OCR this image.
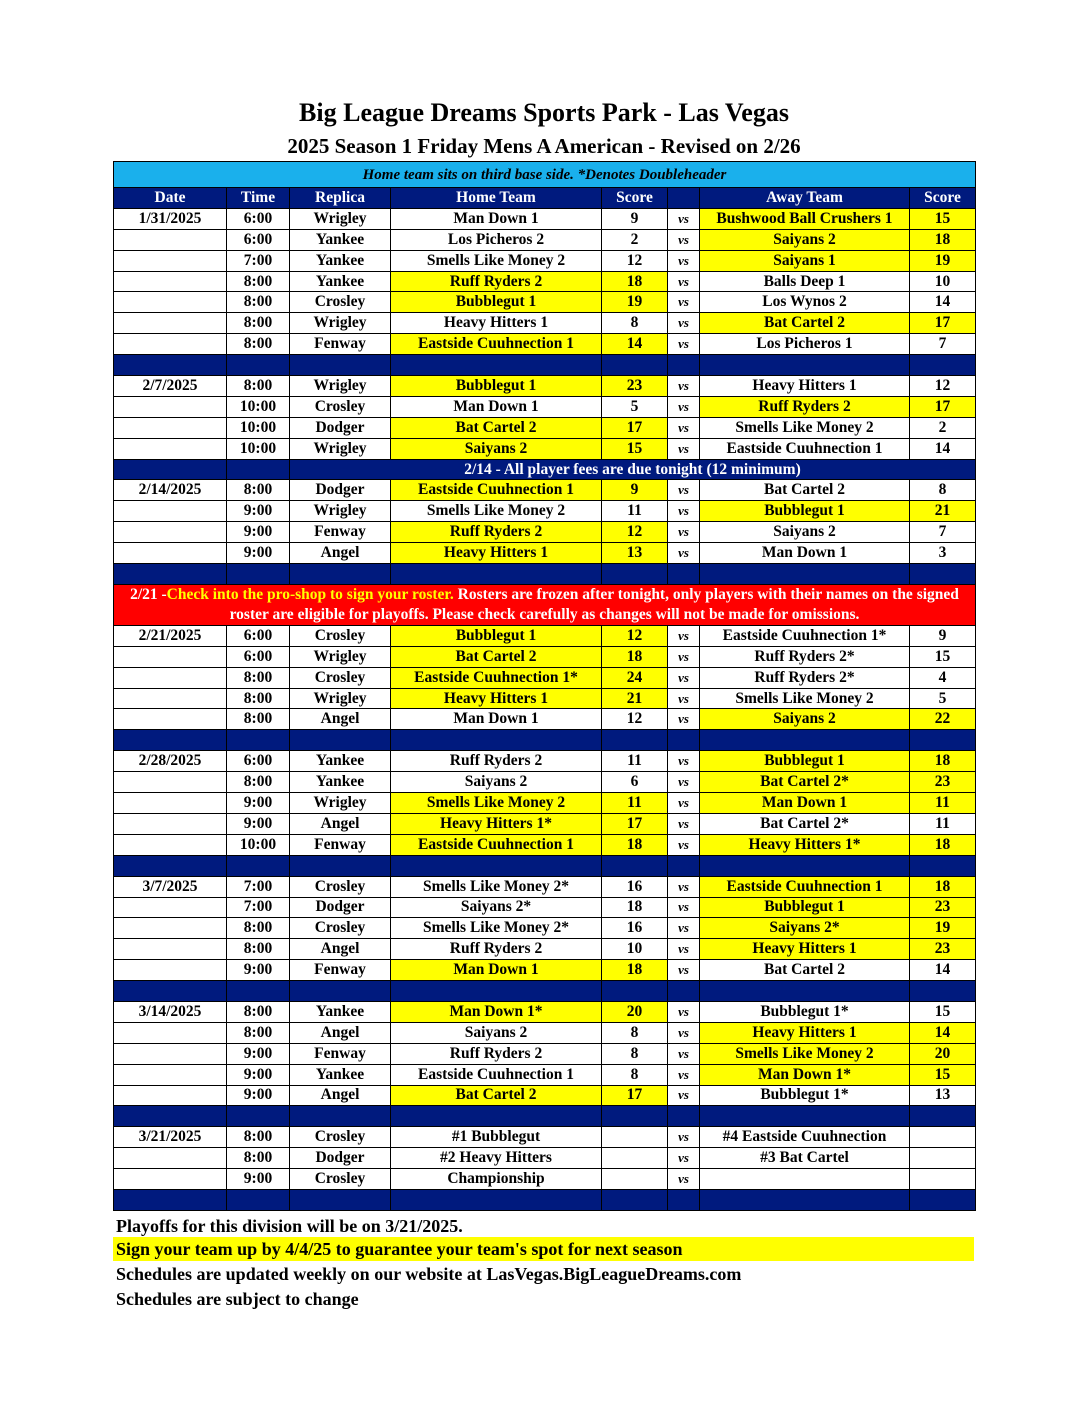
Big League Dreams Sports Park - Las Vegas
2025 Season 1 Friday Mens A American - Revised on 2/26
Home team sits on third base side. *Denotes Doubleheader							
Date	Time	Replica	Home Team	Score		Away Team	Score
1/31/2025	6:00	Wrigley	Man Down 1	9	vs	Bushwood Ball Crushers 1	15
	6:00	Yankee	Los Picheros 2	2	vs	Saiyans 2	18
	7:00	Yankee	Smells Like Money 2	12	vs	Saiyans 1	19
	8:00	Yankee	Ruff Ryders 2	18	vs	Balls Deep 1	10
	8:00	Crosley	Bubblegut 1	19	vs	Los Wynos 2	14
	8:00	Wrigley	Heavy Hitters 1	8	vs	Bat Cartel 2	17
	8:00	Fenway	Eastside Cuuhnection 1	14	vs	Los Picheros 1	7

2/7/2025	8:00	Wrigley	Bubblegut 1	23	vs	Heavy Hitters 1	12
	10:00	Crosley	Man Down 1	5	vs	Ruff Ryders 2	17
	10:00	Dodger	Bat Cartel 2	17	vs	Smells Like Money 2	2
	10:00	Wrigley	Saiyans 2	15	vs	Eastside Cuuhnection 1	14
		2/14 - All player fees are due tonight (12 minimum)					
2/14/2025	8:00	Dodger	Eastside Cuuhnection 1	9	vs	Bat Cartel 2	8
	9:00	Wrigley	Smells Like Money 2	11	vs	Bubblegut 1	21
	9:00	Fenway	Ruff Ryders 2	12	vs	Saiyans 2	7
	9:00	Angel	Heavy Hitters 1	13	vs	Man Down 1	3

2/21 -Check into the pro-shop to sign your roster. Rosters are frozen after tonight, only players with their names on the signed roster are eligible for playoffs. Please check carefully as changes will not be made for omissions.							
2/21/2025	6:00	Crosley	Bubblegut 1	12	vs	Eastside Cuuhnection 1*	9
	6:00	Wrigley	Bat Cartel 2	18	vs	Ruff Ryders 2*	15
	8:00	Crosley	Eastside Cuuhnection 1*	24	vs	Ruff Ryders 2*	4
	8:00	Wrigley	Heavy Hitters 1	21	vs	Smells Like Money 2	5
	8:00	Angel	Man Down 1	12	vs	Saiyans 2	22

2/28/2025	6:00	Yankee	Ruff Ryders 2	11	vs	Bubblegut 1	18
	8:00	Yankee	Saiyans 2	6	vs	Bat Cartel 2*	23
	9:00	Wrigley	Smells Like Money 2	11	vs	Man Down 1	11
	9:00	Angel	Heavy Hitters 1*	17	vs	Bat Cartel 2*	11
	10:00	Fenway	Eastside Cuuhnection 1	18	vs	Heavy Hitters 1*	18

3/7/2025	7:00	Crosley	Smells Like Money 2*	16	vs	Eastside Cuuhnection 1	18
	7:00	Dodger	Saiyans 2*	18	vs	Bubblegut 1	23
	8:00	Crosley	Smells Like Money 2*	16	vs	Saiyans 2*	19
	8:00	Angel	Ruff Ryders 2	10	vs	Heavy Hitters 1	23
	9:00	Fenway	Man Down 1	18	vs	Bat Cartel 2	14

3/14/2025	8:00	Yankee	Man Down 1*	20	vs	Bubblegut 1*	15
	8:00	Angel	Saiyans 2	8	vs	Heavy Hitters 1	14
	9:00	Fenway	Ruff Ryders 2	8	vs	Smells Like Money 2	20
	9:00	Yankee	Eastside Cuuhnection 1	8	vs	Man Down 1*	15
	9:00	Angel	Bat Cartel 2	17	vs	Bubblegut 1*	13

3/21/2025	8:00	Crosley	#1 Bubblegut		vs	#4 Eastside Cuuhnection	
	8:00	Dodger	#2 Heavy Hitters		vs	#3 Bat Cartel	
	9:00	Crosley	Championship		vs		

Playoffs for this division will be on 3/21/2025.
Sign your team up by 4/4/25 to guarantee your team's spot for next season
Schedules are updated weekly on our website at LasVegas.BigLeagueDreams.com
Schedules are subject to change
